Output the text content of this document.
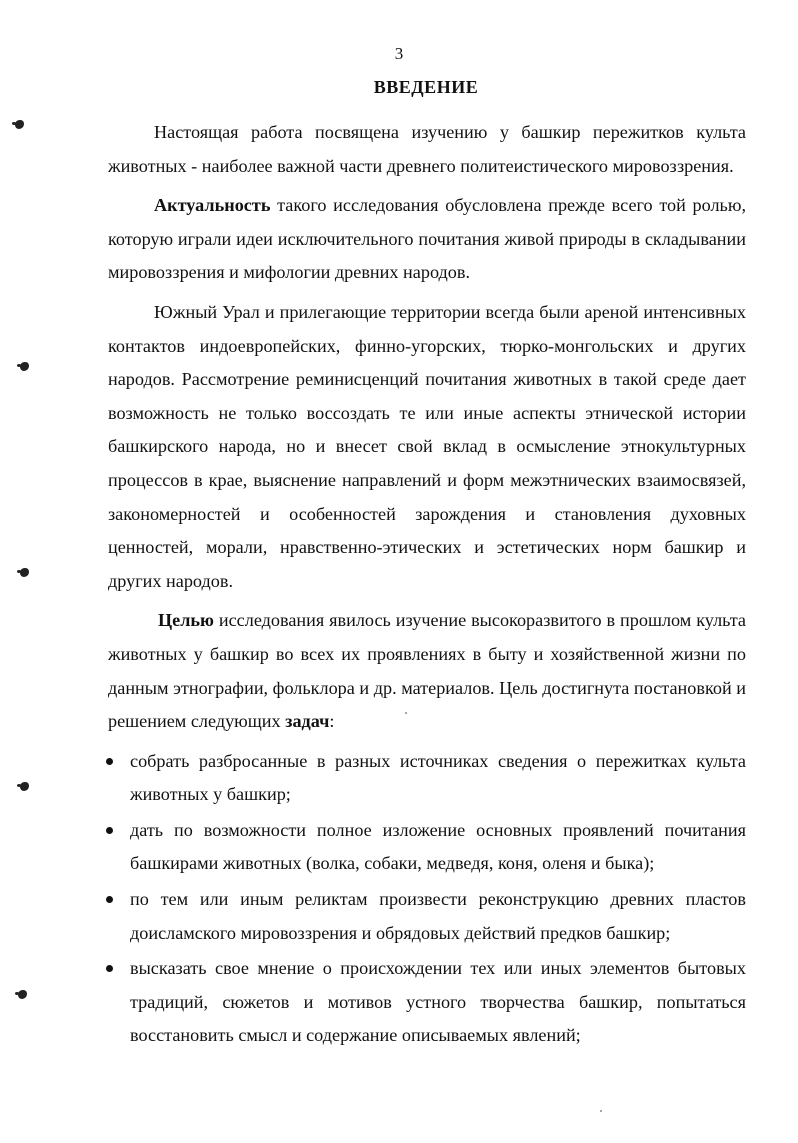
3
ВВЕДЕНИЕ

Настоящая работа посвящена изучению у башкир пережитков культа животных - наиболее важной части древнего политеистического мировоззрения.

Актуальность такого исследования обусловлена прежде всего той ролью, которую играли идеи исключительного почитания живой природы в складывании мировоззрения и мифологии древних народов.

Южный Урал и прилегающие территории всегда были ареной интенсивных контактов индоевропейских, финно-угорских, тюрко-монгольских и других народов. Рассмотрение реминисценций почитания животных в такой среде дает возможность не только воссоздать те или иные аспекты этнической истории башкирского народа, но и внесет свой вклад в осмысление этнокультурных процессов в крае, выяснение направлений и форм межэтнических взаимосвязей, закономерностей и особенностей зарождения и становления духовных ценностей, морали, нравственно-этических и эстетических норм башкир и других народов.

Целью исследования явилось изучение высокоразвитого в прошлом культа животных у башкир во всех их проявлениях в быту и хозяйственной жизни по данным этнографии, фольклора и др. материалов. Цель достигнута постановкой и решением следующих задач:

собрать разбросанные в разных источниках сведения о пережитках культа животных у башкир;
дать по возможности полное изложение основных проявлений почитания башкирами животных (волка, собаки, медведя, коня, оленя и быка);
по тем или иным реликтам произвести реконструкцию древних пластов доисламского мировоззрения и обрядовых действий предков башкир;
высказать свое мнение о происхождении тех или иных элементов бытовых традиций, сюжетов и мотивов устного творчества башкир, попытаться восстановить смысл и содержание описываемых явлений;
